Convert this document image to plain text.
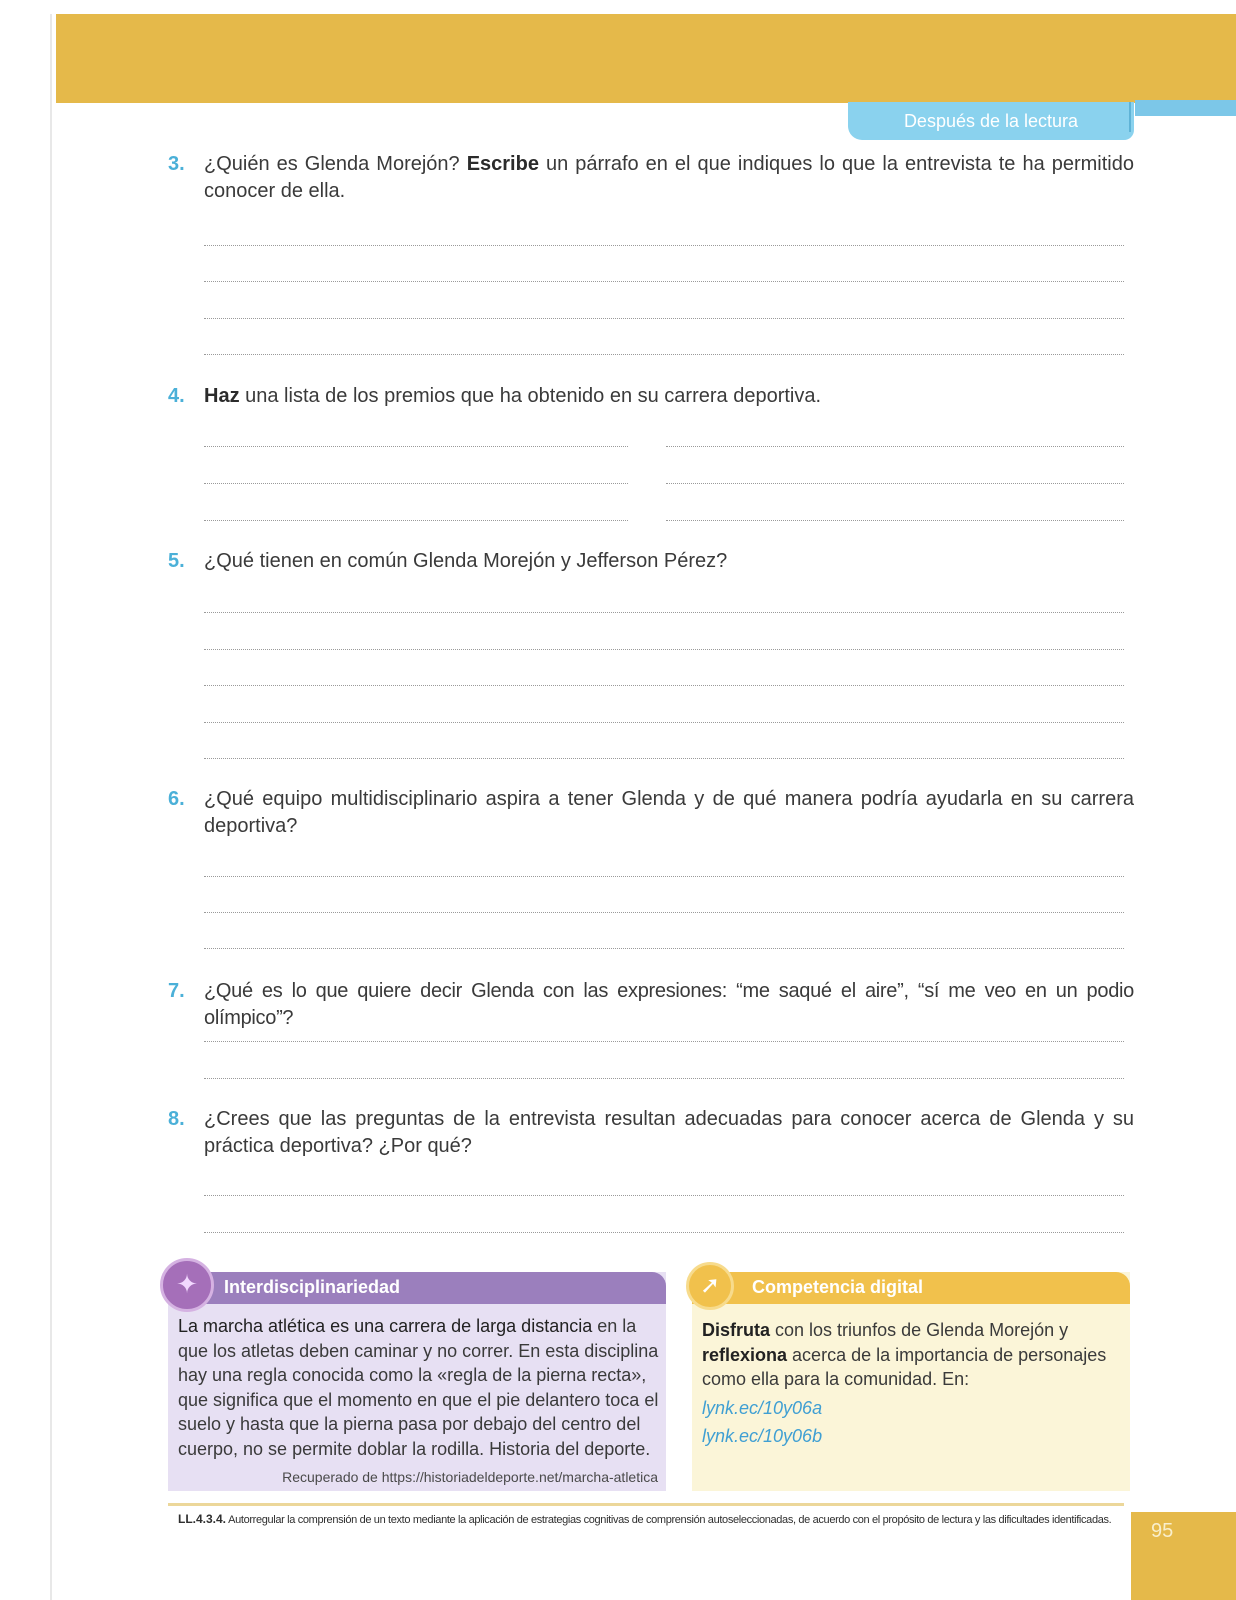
Después de la lectura
3. ¿Quién es Glenda Morejón? Escribe un párrafo en el que indiques lo que la entrevista te ha permitido conocer de ella.
4. Haz una lista de los premios que ha obtenido en su carrera deportiva.
5. ¿Qué tienen en común Glenda Morejón y Jefferson Pérez?
6. ¿Qué equipo multidisciplinario aspira a tener Glenda y de qué manera podría ayudarla en su carrera deportiva?
7. ¿Qué es lo que quiere decir Glenda con las expresiones: “me saqué el aire”, “sí me veo en un podio olímpico”?
8. ¿Crees que las preguntas de la entrevista resultan adecuadas para conocer acerca de Glenda y su práctica deportiva? ¿Por qué?
Interdisciplinariedad
La marcha atlética es una carrera de larga distancia en la que los atletas deben caminar y no correr. En esta disciplina hay una regla conocida como la «regla de la pierna recta», que significa que el momento en que el pie delantero toca el suelo y hasta que la pierna pasa por debajo del centro del cuerpo, no se permite doblar la rodilla. Historia del deporte.
Recuperado de https://historiadeldeporte.net/marcha-atletica
✦	Competencia digital
Disfruta con los triunfos de Glenda Morejón y reflexiona acerca de la importancia de personajes como ella para la comunidad. En:
lynk.ec/10y06a
lynk.ec/10y06b
➚
LL.4.3.4. Autorregular la comprensión de un texto mediante la aplicación de estrategias cognitivas de comprensión autoseleccionadas, de acuerdo con el propósito de lectura y las dificultades identificadas.	95
